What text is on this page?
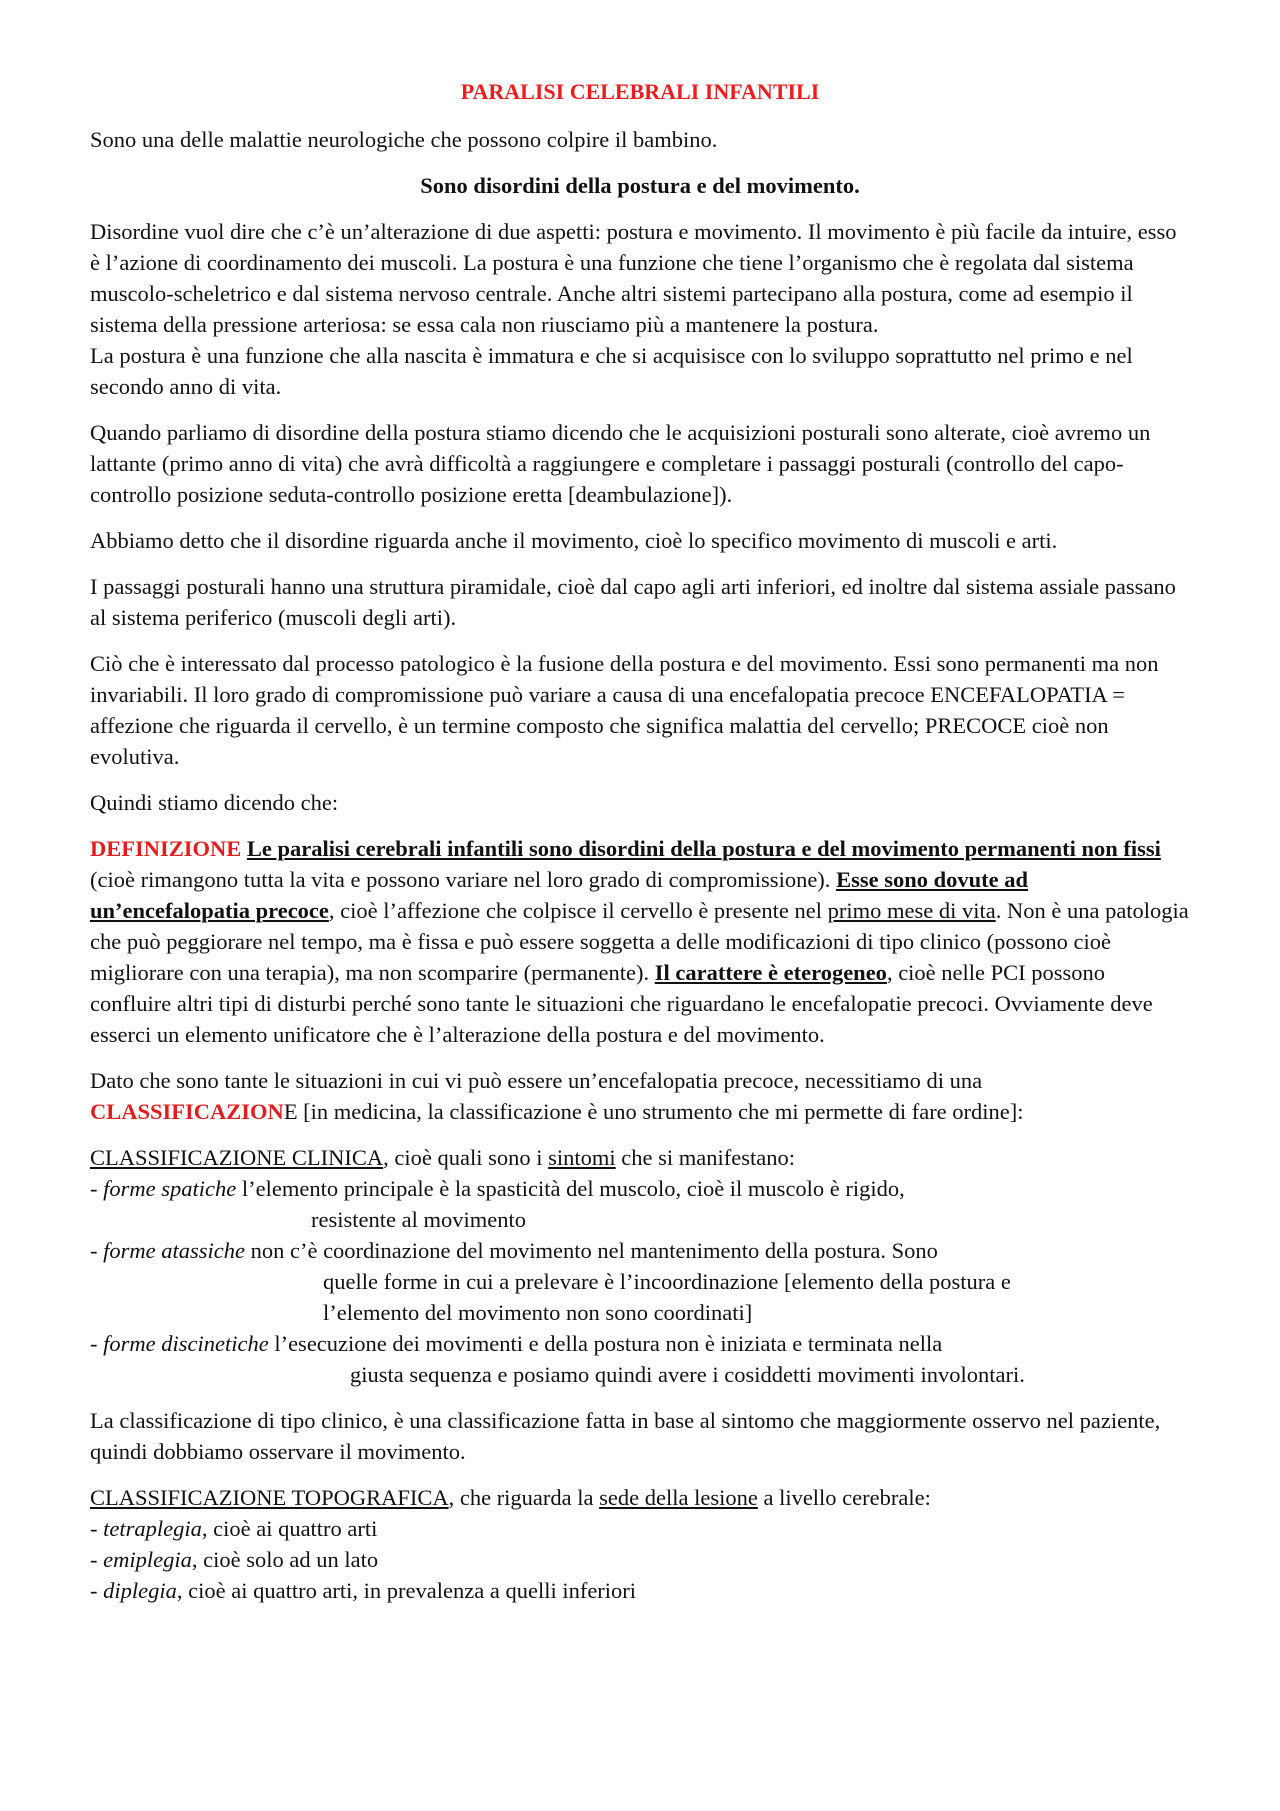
PARALISI CELEBRALI INFANTILI

Sono una delle malattie neurologiche che possono colpire il bambino.

Sono disordini della postura e del movimento.

Disordine vuol dire che c’è un’alterazione di due aspetti: postura e movimento. Il movimento è più facile da intuire, esso è l’azione di coordinamento dei muscoli. La postura è una funzione che tiene l’organismo che è regolata dal sistema muscolo-scheletrico e dal sistema nervoso centrale. Anche altri sistemi partecipano alla postura, come ad esempio il sistema della pressione arteriosa: se essa cala non riusciamo più a mantenere la postura.
La postura è una funzione che alla nascita è immatura e che si acquisisce con lo sviluppo soprattutto nel primo e nel secondo anno di vita.

Quando parliamo di disordine della postura stiamo dicendo che le acquisizioni posturali sono alterate, cioè avremo un lattante (primo anno di vita) che avrà difficoltà a raggiungere e completare i passaggi posturali (controllo del capo-controllo posizione seduta-controllo posizione eretta [deambulazione]).

Abbiamo detto che il disordine riguarda anche il movimento, cioè lo specifico movimento di muscoli e arti.

I passaggi posturali hanno una struttura piramidale, cioè dal capo agli arti inferiori, ed inoltre dal sistema assiale passano al sistema periferico (muscoli degli arti).

Ciò che è interessato dal processo patologico è la fusione della postura e del movimento. Essi sono permanenti ma non invariabili. Il loro grado di compromissione può variare a causa di una encefalopatia precoce ENCEFALOPATIA = affezione che riguarda il cervello, è un termine composto che significa malattia del cervello; PRECOCE cioè non evolutiva.

Quindi stiamo dicendo che:

DEFINIZIONE Le paralisi cerebrali infantili sono disordini della postura e del movimento permanenti non fissi (cioè rimangono tutta la vita e possono variare nel loro grado di compromissione). Esse sono dovute ad un’encefalopatia precoce, cioè l’affezione che colpisce il cervello è presente nel primo mese di vita. Non è una patologia che può peggiorare nel tempo, ma è fissa e può essere soggetta a delle modificazioni di tipo clinico (possono cioè migliorare con una terapia), ma non scomparire (permanente). Il carattere è eterogeneo, cioè nelle PCI possono confluire altri tipi di disturbi perché sono tante le situazioni che riguardano le encefalopatie precoci. Ovviamente deve esserci un elemento unificatore che è l’alterazione della postura e del movimento.

Dato che sono tante le situazioni in cui vi può essere un’encefalopatia precoce, necessitiamo di una CLASSIFICAZIONE [in medicina, la classificazione è uno strumento che mi permette di fare ordine]:

CLASSIFICAZIONE CLINICA, cioè quali sono i sintomi che si manifestano:
- forme spatiche l’elemento principale è la spasticità del muscolo, cioè il muscolo è rigido,
resistente al movimento
- forme atassiche non c’è coordinazione del movimento nel mantenimento della postura. Sono
quelle forme in cui a prelevare è l’incoordinazione [elemento della postura e
l’elemento del movimento non sono coordinati]
- forme discinetiche l’esecuzione dei movimenti e della postura non è iniziata e terminata nella
giusta sequenza e posiamo quindi avere i cosiddetti movimenti involontari.

La classificazione di tipo clinico, è una classificazione fatta in base al sintomo che maggiormente osservo nel paziente, quindi dobbiamo osservare il movimento.

CLASSIFICAZIONE TOPOGRAFICA, che riguarda la sede della lesione a livello cerebrale:
- tetraplegia, cioè ai quattro arti
- emiplegia, cioè solo ad un lato
- diplegia, cioè ai quattro arti, in prevalenza a quelli inferiori
